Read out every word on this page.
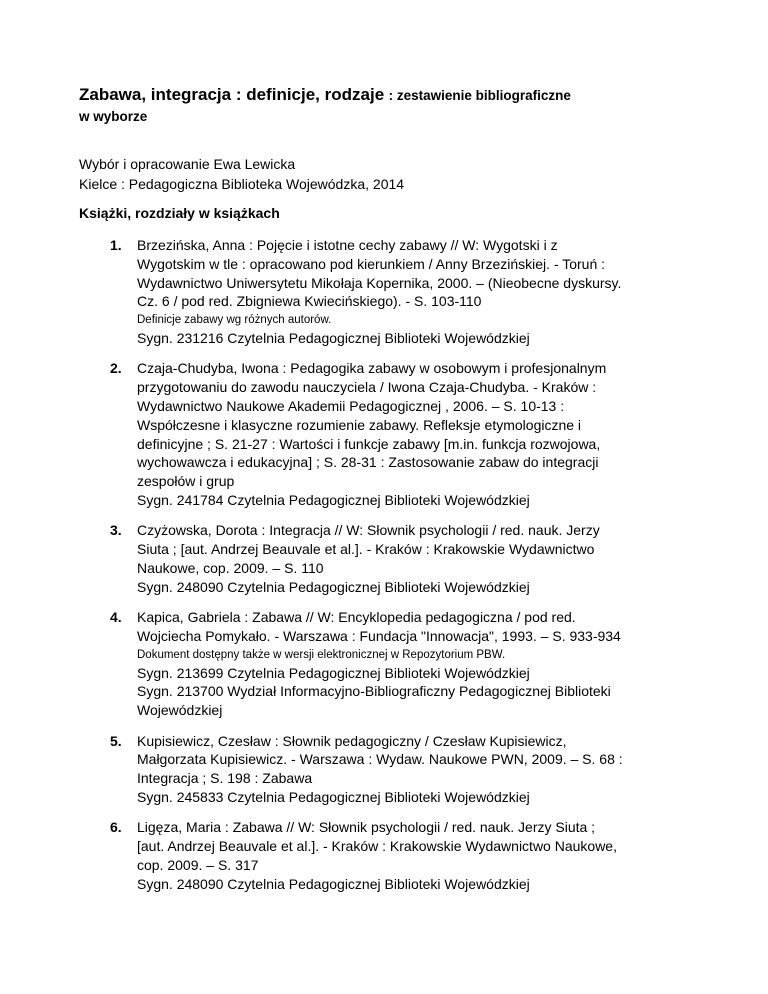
Zabawa, integracja : definicje, rodzaje : zestawienie bibliograficzne
w wyborze
Wybór i opracowanie Ewa Lewicka
Kielce : Pedagogiczna Biblioteka Wojewódzka, 2014
Książki, rozdziały w książkach
1. Brzezińska, Anna : Pojęcie i istotne cechy zabawy // W: Wygotski i z
Wygotskim w tle : opracowano pod kierunkiem / Anny Brzezińskiej. - Toruń :
Wydawnictwo Uniwersytetu Mikołaja Kopernika, 2000. – (Nieobecne dyskursy.
Cz. 6 / pod red. Zbigniewa Kwiecińskiego). - S. 103-110
Definicje zabawy wg różnych autorów.
Sygn. 231216 Czytelnia Pedagogicznej Biblioteki Wojewódzkiej
2. Czaja-Chudyba, Iwona : Pedagogika zabawy w osobowym i profesjonalnym
przygotowaniu do zawodu nauczyciela / Iwona Czaja-Chudyba. - Kraków :
Wydawnictwo Naukowe Akademii Pedagogicznej , 2006. – S. 10-13 :
Współczesne i klasyczne rozumienie zabawy. Refleksje etymologiczne i
definicyjne ; S. 21-27 : Wartości i funkcje zabawy [m.in. funkcja rozwojowa,
wychowawcza i edukacyjna] ; S. 28-31 : Zastosowanie zabaw do integracji
zespołów i grup
Sygn. 241784 Czytelnia Pedagogicznej Biblioteki Wojewódzkiej
3. Czyżowska, Dorota : Integracja // W: Słownik psychologii / red. nauk. Jerzy
Siuta ; [aut. Andrzej Beauvale et al.]. - Kraków : Krakowskie Wydawnictwo
Naukowe, cop. 2009. – S. 110
Sygn. 248090 Czytelnia Pedagogicznej Biblioteki Wojewódzkiej
4. Kapica, Gabriela : Zabawa // W: Encyklopedia pedagogiczna / pod red.
Wojciecha Pomykało. - Warszawa : Fundacja "Innowacja", 1993. – S. 933-934
Dokument dostępny także w wersji elektronicznej w Repozytorium PBW.
Sygn. 213699 Czytelnia Pedagogicznej Biblioteki Wojewódzkiej
Sygn. 213700 Wydział Informacyjno-Bibliograficzny Pedagogicznej Biblioteki
Wojewódzkiej
5. Kupisiewicz, Czesław : Słownik pedagogiczny / Czesław Kupisiewicz,
Małgorzata Kupisiewicz. - Warszawa : Wydaw. Naukowe PWN, 2009. – S. 68 :
Integracja ; S. 198 : Zabawa
Sygn. 245833 Czytelnia Pedagogicznej Biblioteki Wojewódzkiej
6. Ligęza, Maria : Zabawa // W: Słownik psychologii / red. nauk. Jerzy Siuta ;
[aut. Andrzej Beauvale et al.]. - Kraków : Krakowskie Wydawnictwo Naukowe,
cop. 2009. – S. 317
Sygn. 248090 Czytelnia Pedagogicznej Biblioteki Wojewódzkiej
